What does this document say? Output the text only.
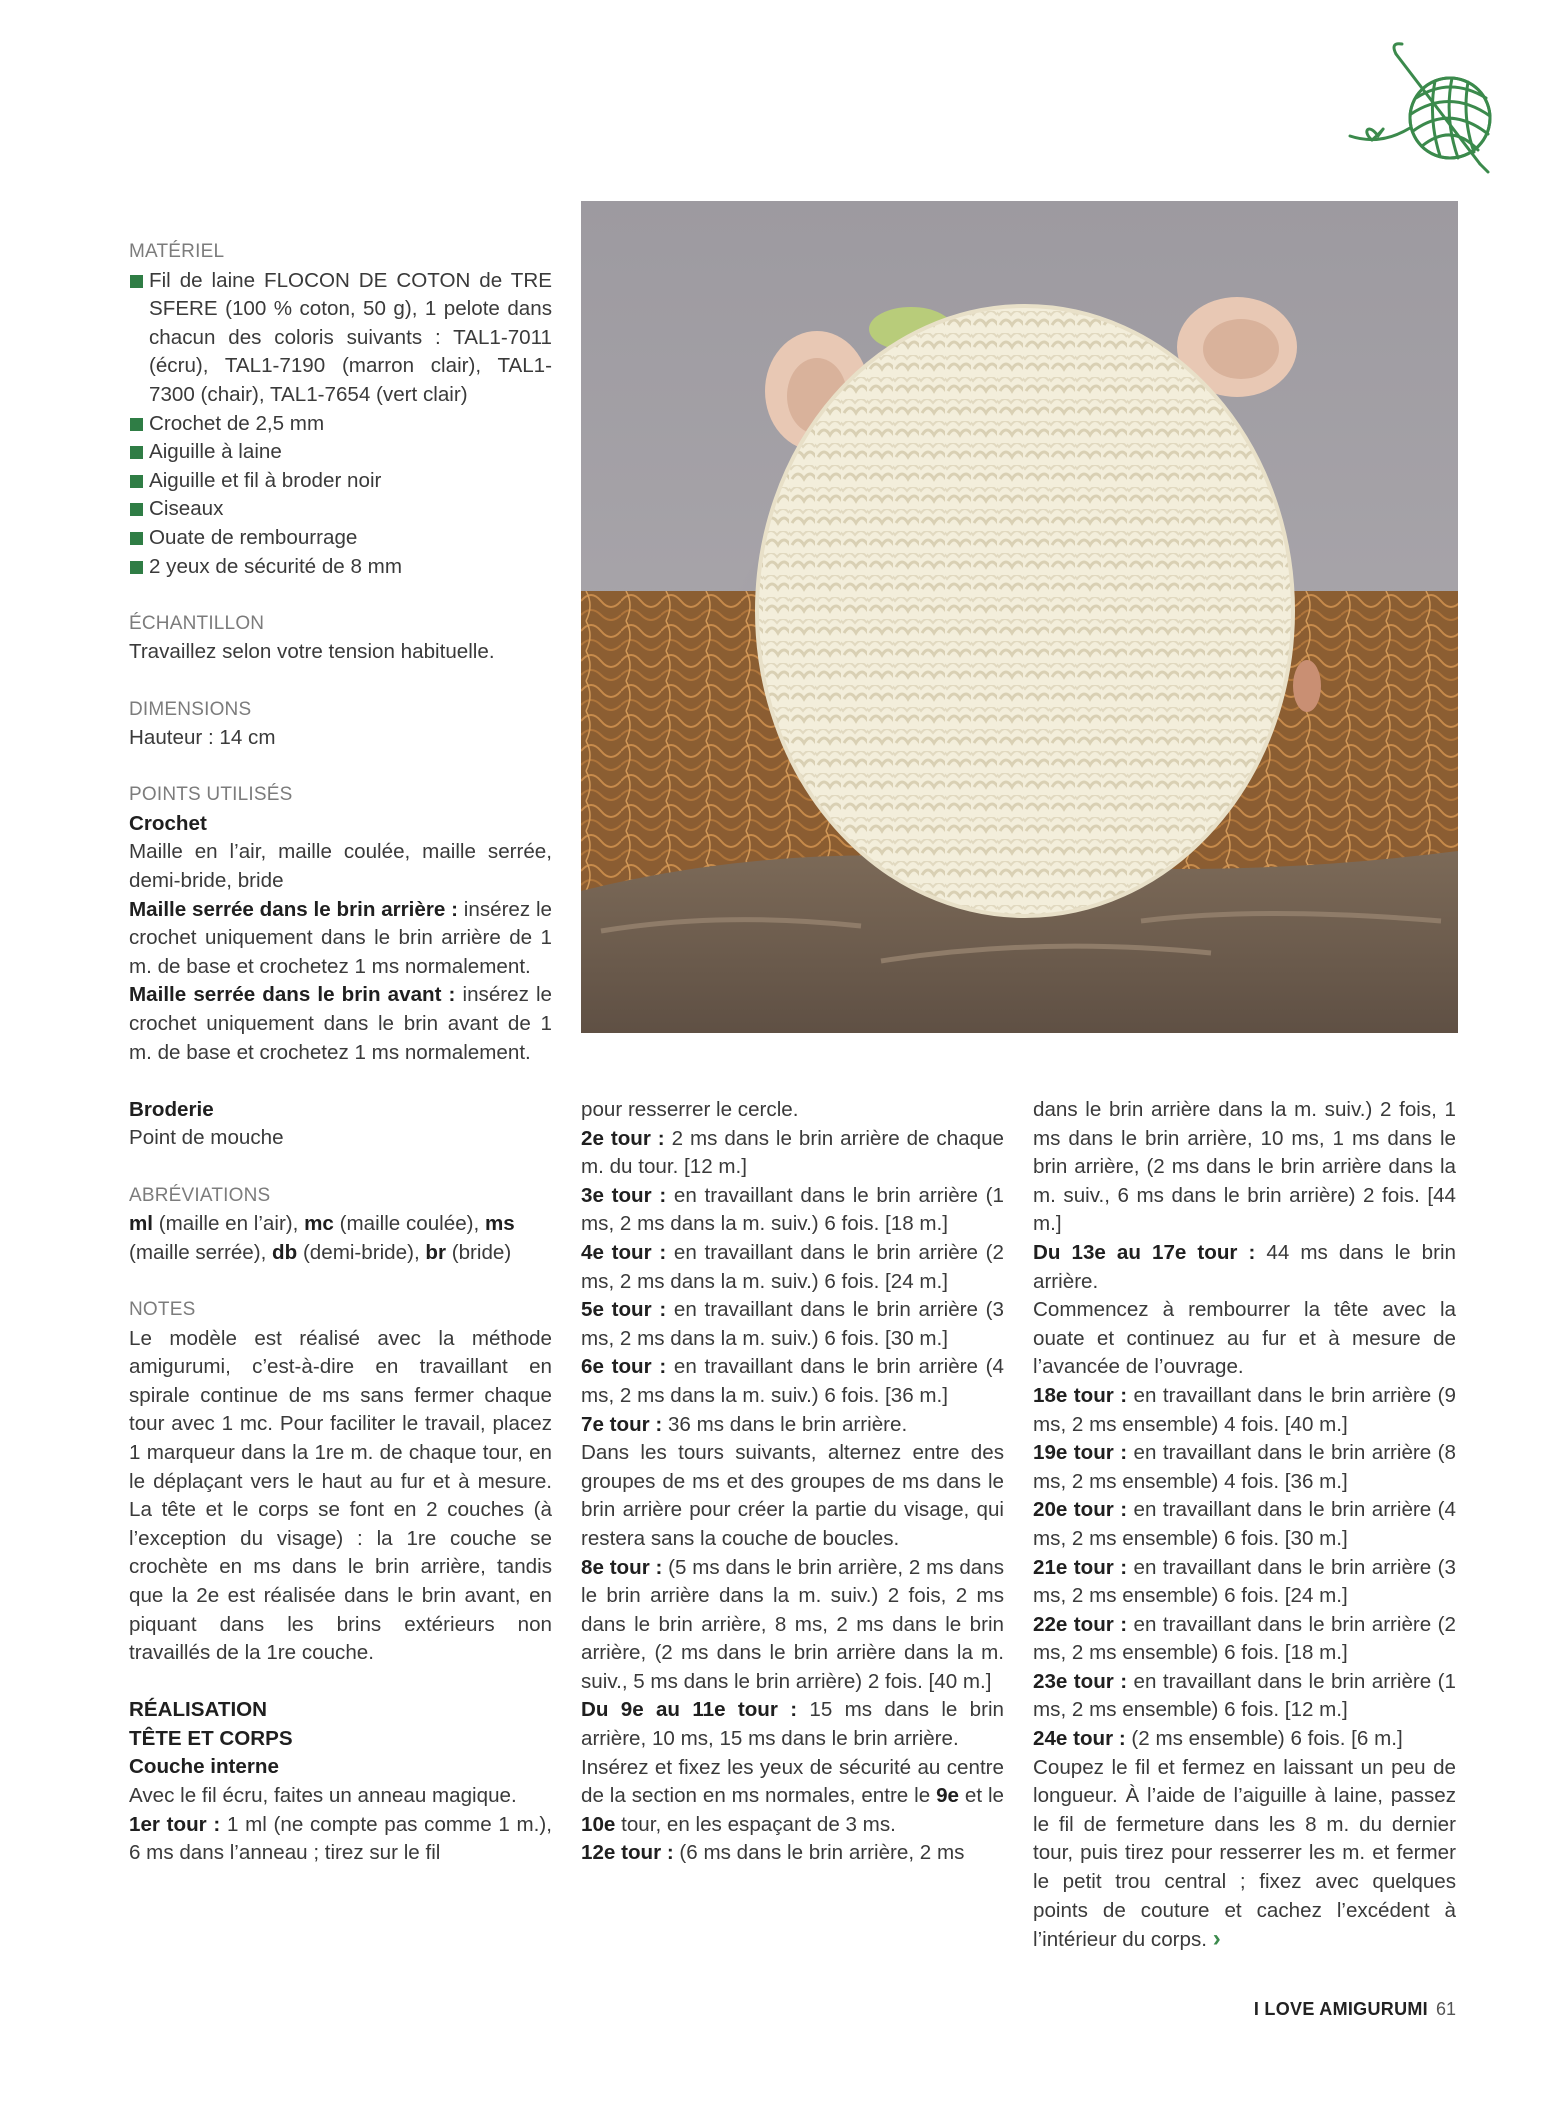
MATÉRIEL

Fil de laine FLOCON DE COTON de TRE SFERE (100 % coton, 50 g), 1 pelote dans chacun des coloris suivants : TAL1-7011 (écru), TAL1-7190 (marron clair), TAL1-7300 (chair), TAL1-7654 (vert clair)
Crochet de 2,5 mm
Aiguille à laine
Aiguille et fil à broder noir
Ciseaux
Ouate de rembourrage
2 yeux de sécurité de 8 mm

ÉCHANTILLON

Travaillez selon votre tension habituelle.

DIMENSIONS

Hauteur : 14 cm

POINTS UTILISÉS

Crochet

Maille en l’air, maille coulée, maille serrée, demi-bride, bride

Maille serrée dans le brin arrière : insérez le crochet uniquement dans le brin arrière de 1 m. de base et crochetez 1 ms normalement.

Maille serrée dans le brin avant : insérez le crochet uniquement dans le brin avant de 1 m. de base et crochetez 1 ms normalement.

Broderie

Point de mouche

ABRÉVIATIONS

ml (maille en l’air), mc (maille coulée), ms (maille serrée), db (demi-bride), br (bride)

NOTES

Le modèle est réalisé avec la méthode amigurumi, c’est-à-dire en travaillant en spirale continue de ms sans fermer chaque tour avec 1 mc. Pour faciliter le travail, placez 1 marqueur dans la 1re m. de chaque tour, en le déplaçant vers le haut au fur et à mesure. La tête et le corps se font en 2 couches (à l’exception du visage) : la 1re couche se crochète en ms dans le brin arrière, tandis que la 2e est réalisée dans le brin avant, en piquant dans les brins extérieurs non travaillés de la 1re couche.

RÉALISATION

TÊTE ET CORPS

Couche interne

Avec le fil écru, faites un anneau magique.

1er tour : 1 ml (ne compte pas comme 1 m.), 6 ms dans l’anneau ; tirez sur le fil

pour resserrer le cercle.

2e tour : 2 ms dans le brin arrière de chaque m. du tour. [12 m.]

3e tour : en travaillant dans le brin arrière (1 ms, 2 ms dans la m. suiv.) 6 fois. [18 m.]

4e tour : en travaillant dans le brin arrière (2 ms, 2 ms dans la m. suiv.) 6 fois. [24 m.]

5e tour : en travaillant dans le brin arrière (3 ms, 2 ms dans la m. suiv.) 6 fois. [30 m.]

6e tour : en travaillant dans le brin arrière (4 ms, 2 ms dans la m. suiv.) 6 fois. [36 m.]

7e tour : 36 ms dans le brin arrière.

Dans les tours suivants, alternez entre des groupes de ms et des groupes de ms dans le brin arrière pour créer la partie du visage, qui restera sans la couche de boucles.

8e tour : (5 ms dans le brin arrière, 2 ms dans le brin arrière dans la m. suiv.) 2 fois, 2 ms dans le brin arrière, 8 ms, 2 ms dans le brin arrière, (2 ms dans le brin arrière dans la m. suiv., 5 ms dans le brin arrière) 2 fois. [40 m.]

Du 9e au 11e tour : 15 ms dans le brin arrière, 10 ms, 15 ms dans le brin arrière.

Insérez et fixez les yeux de sécurité au centre de la section en ms normales, entre le 9e et le 10e tour, en les espaçant de 3 ms.

12e tour : (6 ms dans le brin arrière, 2 ms

dans le brin arrière dans la m. suiv.) 2 fois, 1 ms dans le brin arrière, 10 ms, 1 ms dans le brin arrière, (2 ms dans le brin arrière dans la m. suiv., 6 ms dans le brin arrière) 2 fois. [44 m.]

Du 13e au 17e tour : 44 ms dans le brin arrière.

Commencez à rembourrer la tête avec la ouate et continuez au fur et à mesure de l’avancée de l’ouvrage.

18e tour : en travaillant dans le brin arrière (9 ms, 2 ms ensemble) 4 fois. [40 m.]

19e tour : en travaillant dans le brin arrière (8 ms, 2 ms ensemble) 4 fois. [36 m.]

20e tour : en travaillant dans le brin arrière (4 ms, 2 ms ensemble) 6 fois. [30 m.]

21e tour : en travaillant dans le brin arrière (3 ms, 2 ms ensemble) 6 fois. [24 m.]

22e tour : en travaillant dans le brin arrière (2 ms, 2 ms ensemble) 6 fois. [18 m.]

23e tour : en travaillant dans le brin arrière (1 ms, 2 ms ensemble) 6 fois. [12 m.]

24e tour : (2 ms ensemble) 6 fois. [6 m.]

Coupez le fil et fermez en laissant un peu de longueur. À l’aide de l’aiguille à laine, passez le fil de fermeture dans les 8 m. du dernier tour, puis tirez pour resserrer les m. et fermer le petit trou central ; fixez avec quelques points de couture et cachez l’excédent à l’intérieur du corps. ›

I LOVE AMIGURUMI 61
